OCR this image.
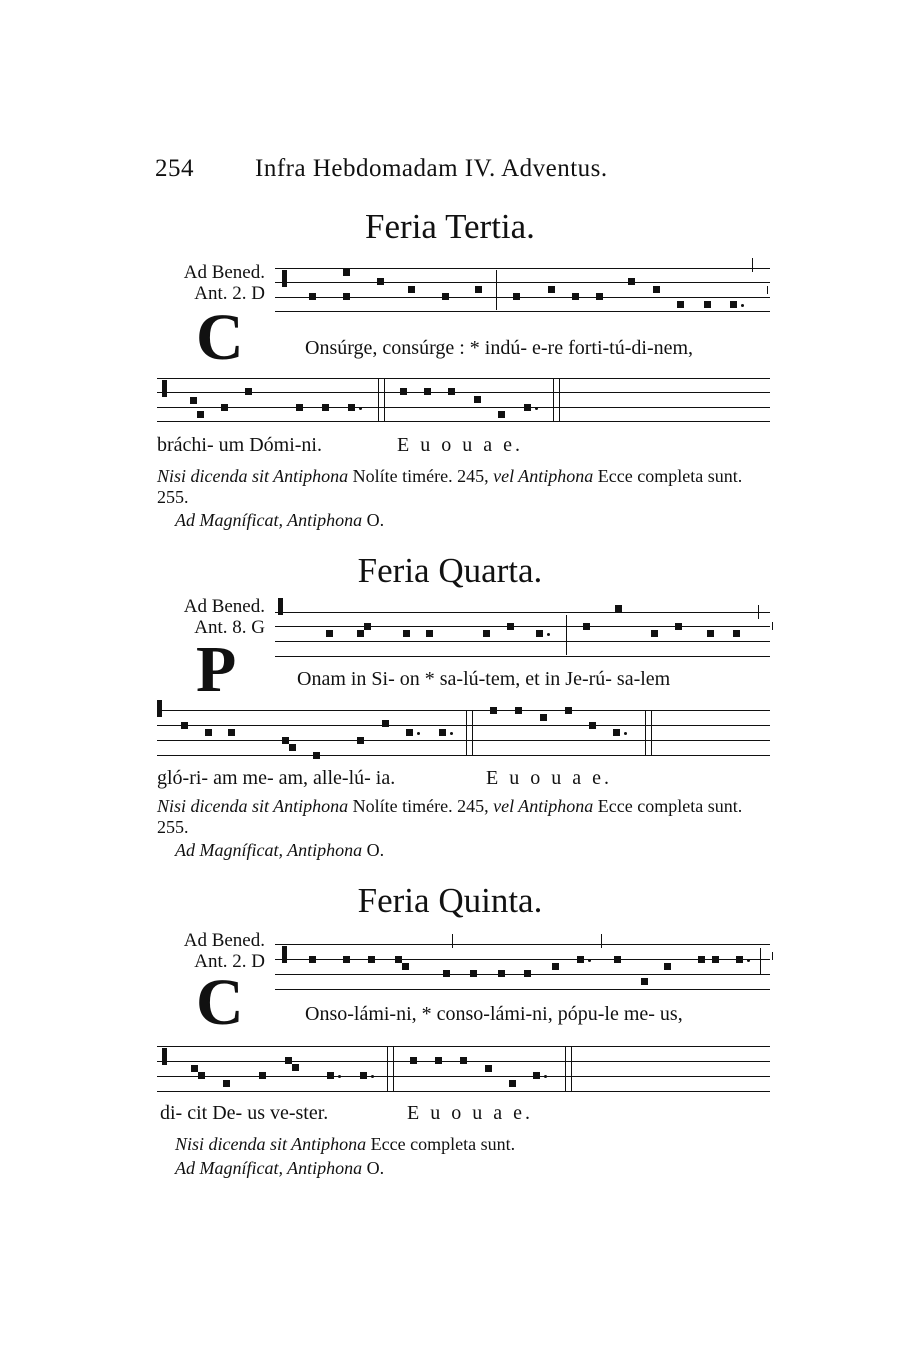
254 Infra Hebdomadam IV. Adventus.
Feria Tertia.
Ad Bened.
Ant. 2. D
C	Onsúrge, consúrge : * indú- e-re forti-tú-di-nem,
bráchi- um Dómi-ni.	E u o u a e.
Nisi dicenda sit Antiphona Nolíte timére. 245, vel Antiphona Ecce completa sunt. 255.
Ad Magníficat, Antiphona O.
Feria Quarta.
Ad Bened.
Ant. 8. G
P	Onam in Si- on * sa-lú-tem, et in Je-rú- sa-lem
gló-ri- am me- am, alle-lú- ia.	E u o u a e.
Nisi dicenda sit Antiphona Nolíte timére. 245, vel Antiphona Ecce completa sunt. 255.
Ad Magníficat, Antiphona O.
Feria Quinta.
Ad Bened.
Ant. 2. D
C	Onso-lámi-ni, * conso-lámi-ni, pópu-le me- us,
di- cit De- us ve-ster.	E u o u a e.
Nisi dicenda sit Antiphona Ecce completa sunt.
Ad Magníficat, Antiphona O.
